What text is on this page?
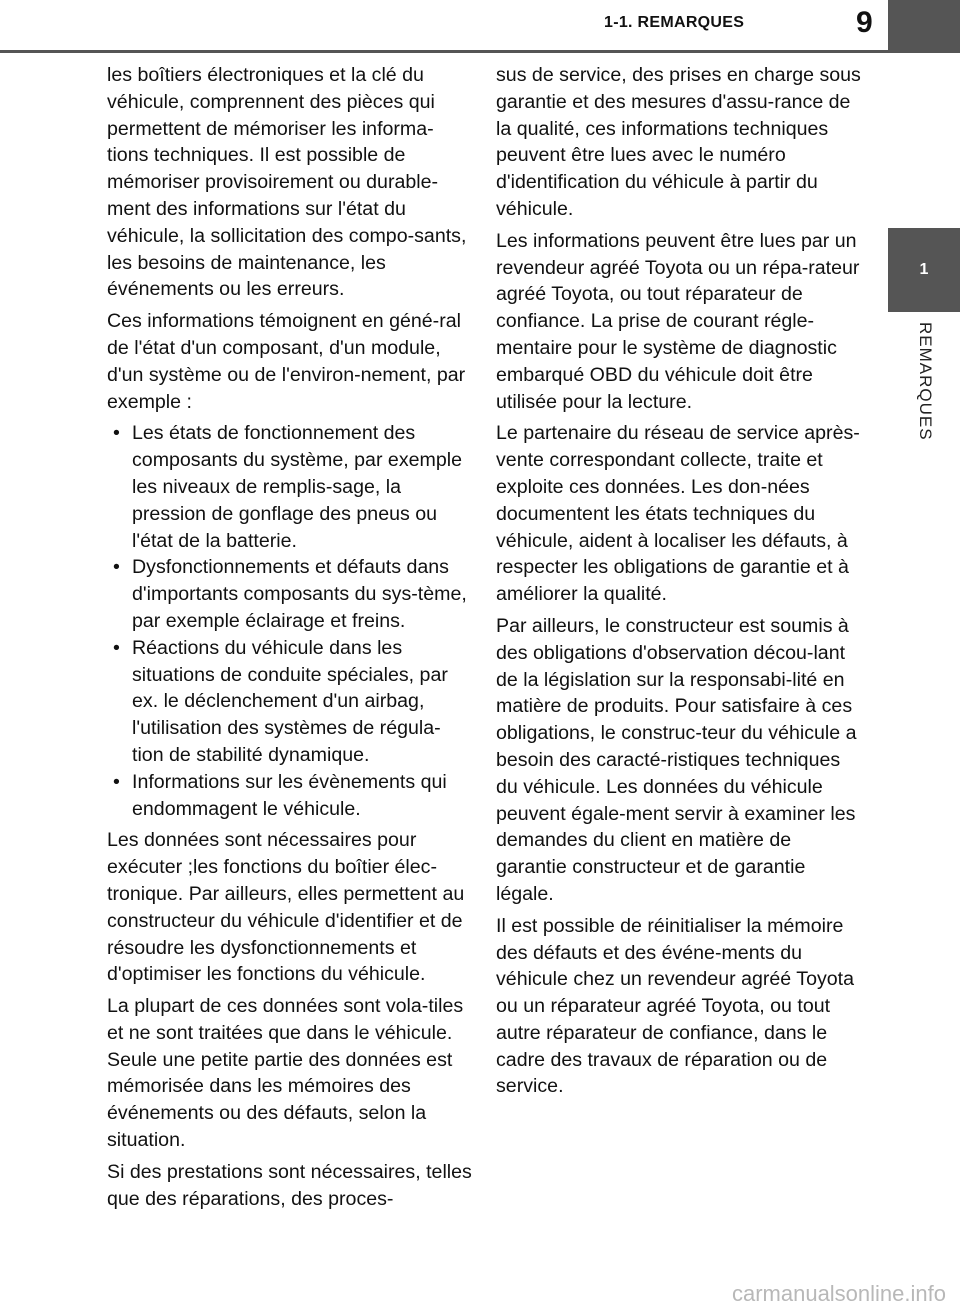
1-1. REMARQUES	9
1
REMARQUES

les boîtiers électroniques et la clé du véhicule, comprennent des pièces qui permettent de mémoriser les informa-tions techniques. Il est possible de mémoriser provisoirement ou durable-ment des informations sur l'état du véhicule, la sollicitation des compo-sants, les besoins de maintenance, les événements ou les erreurs.

Ces informations témoignent en géné-ral de l'état d'un composant, d'un module, d'un système ou de l'environ-nement, par exemple :

• Les états de fonctionnement des composants du système, par exemple les niveaux de remplis-sage, la pression de gonflage des pneus ou l'état de la batterie.
• Dysfonctionnements et défauts dans d'importants composants du sys-tème, par exemple éclairage et freins.
• Réactions du véhicule dans les situations de conduite spéciales, par ex. le déclenchement d'un airbag, l'utilisation des systèmes de régula-tion de stabilité dynamique.
• Informations sur les évènements qui endommagent le véhicule.

Les données sont nécessaires pour exécuter ;les fonctions du boîtier élec-tronique. Par ailleurs, elles permettent au constructeur du véhicule d'identifier et de résoudre les dysfonctionnements et d'optimiser les fonctions du véhicule.

La plupart de ces données sont vola-tiles et ne sont traitées que dans le véhicule. Seule une petite partie des données est mémorisée dans les mémoires des événements ou des défauts, selon la situation.

Si des prestations sont nécessaires, telles que des réparations, des proces-

sus de service, des prises en charge sous garantie et des mesures d'assu-rance de la qualité, ces informations techniques peuvent être lues avec le numéro d'identification du véhicule à partir du véhicule.

Les informations peuvent être lues par un revendeur agréé Toyota ou un répa-rateur agréé Toyota, ou tout réparateur de confiance. La prise de courant régle-mentaire pour le système de diagnostic embarqué OBD du véhicule doit être utilisée pour la lecture.

Le partenaire du réseau de service après-vente correspondant collecte, traite et exploite ces données. Les don-nées documentent les états techniques du véhicule, aident à localiser les défauts, à respecter les obligations de garantie et à améliorer la qualité.

Par ailleurs, le constructeur est soumis à des obligations d'observation décou-lant de la législation sur la responsabi-lité en matière de produits. Pour satisfaire à ces obligations, le construc-teur du véhicule a besoin des caracté-ristiques techniques du véhicule. Les données du véhicule peuvent égale-ment servir à examiner les demandes du client en matière de garantie constructeur et de garantie légale.

Il est possible de réinitialiser la mémoire des défauts et des événe-ments du véhicule chez un revendeur agréé Toyota ou un réparateur agréé Toyota, ou tout autre réparateur de confiance, dans le cadre des travaux de réparation ou de service.

carmanualsonline.info
